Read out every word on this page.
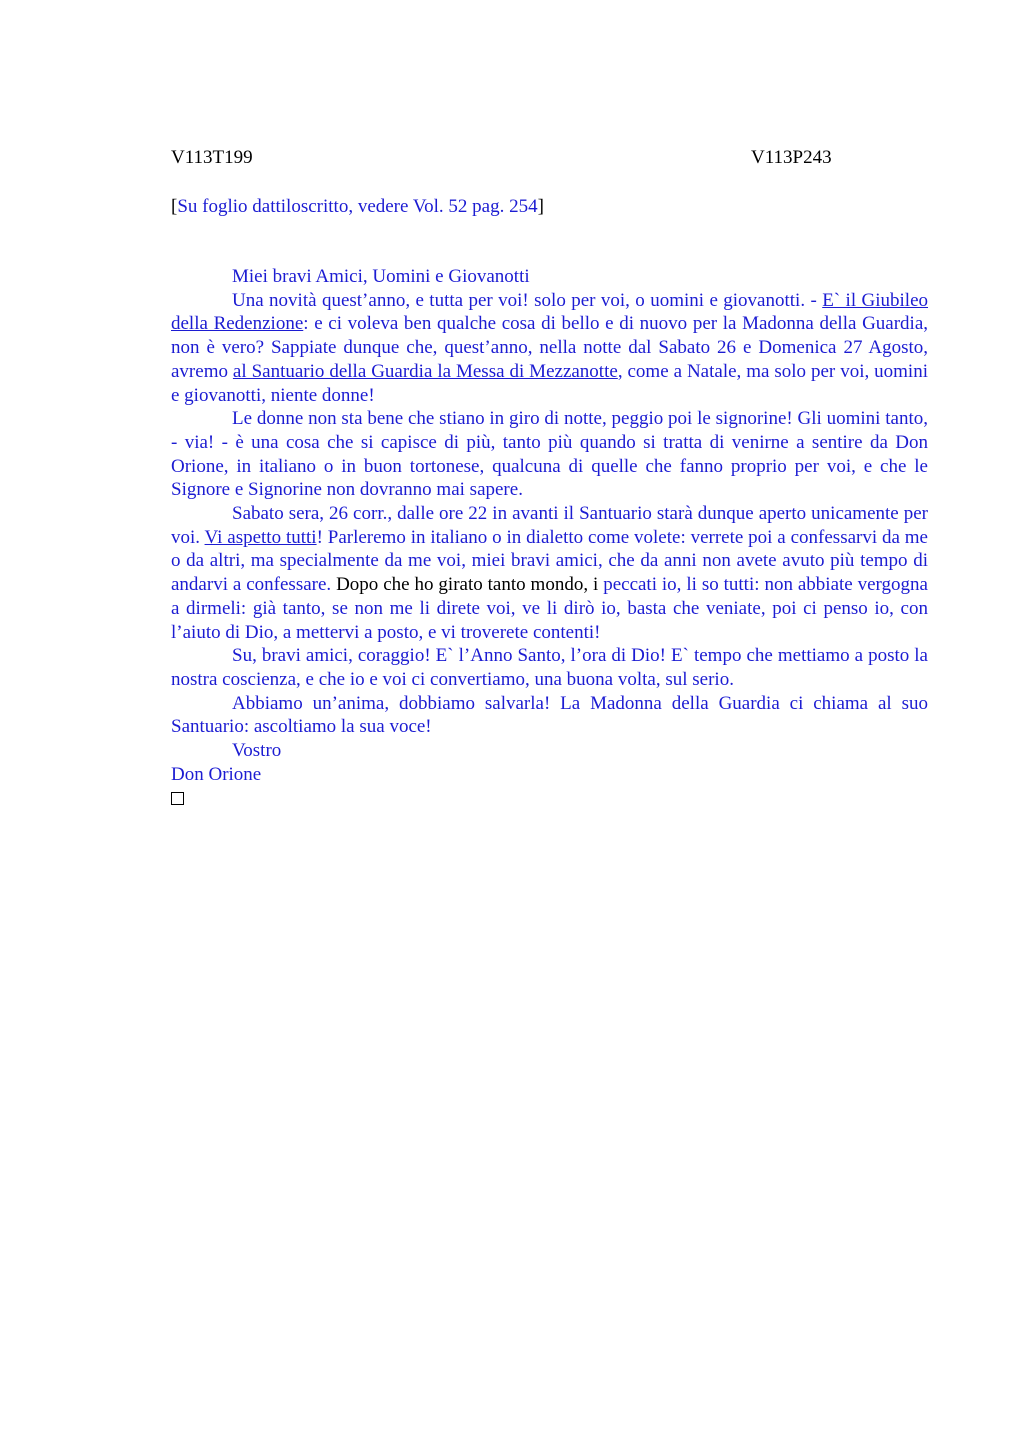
V113T199	V113P243
[Su foglio dattiloscritto, vedere Vol. 52 pag. 254]

Miei bravi Amici, Uomini e Giovanotti

Una novità quest’anno, e tutta per voi! solo per voi, o uomini e giovanotti. - E` il Giubileo della Redenzione: e ci voleva ben qualche cosa di bello e di nuovo per la Madonna della Guardia, non è vero? Sappiate dunque che, quest’anno, nella notte dal Sabato 26 e Domenica 27 Agosto, avremo al Santuario della Guardia la Messa di Mezzanotte, come a Natale, ma solo per voi, uomini e giovanotti, niente donne!

Le donne non sta bene che stiano in giro di notte, peggio poi le signorine! Gli uomini tanto, - via! - è una cosa che si capisce di più, tanto più quando si tratta di venirne a sentire da Don Orione, in italiano o in buon tortonese, qualcuna di quelle che fanno proprio per voi, e che le Signore e Signorine non dovranno mai sapere.

Sabato sera, 26 corr., dalle ore 22 in avanti il Santuario starà dunque aperto unicamente per voi. Vi aspetto tutti! Parleremo in italiano o in dialetto come volete: verrete poi a confessarvi da me o da altri, ma specialmente da me voi, miei bravi amici, che da anni non avete avuto più tempo di andarvi a confessare. Dopo che ho girato tanto mondo, i peccati io, li so tutti: non abbiate vergogna a dirmeli: già tanto, se non me li direte voi, ve li dirò io, basta che veniate, poi ci penso io, con l’aiuto di Dio, a mettervi a posto, e vi troverete contenti!

Su, bravi amici, coraggio! E` l’Anno Santo, l’ora di Dio! E` tempo che mettiamo a posto la nostra coscienza, e che io e voi ci convertiamo, una buona volta, sul serio.

Abbiamo un’anima, dobbiamo salvarla! La Madonna della Guardia ci chiama al suo Santuario: ascoltiamo la sua voce!

Vostro

Don Orione
